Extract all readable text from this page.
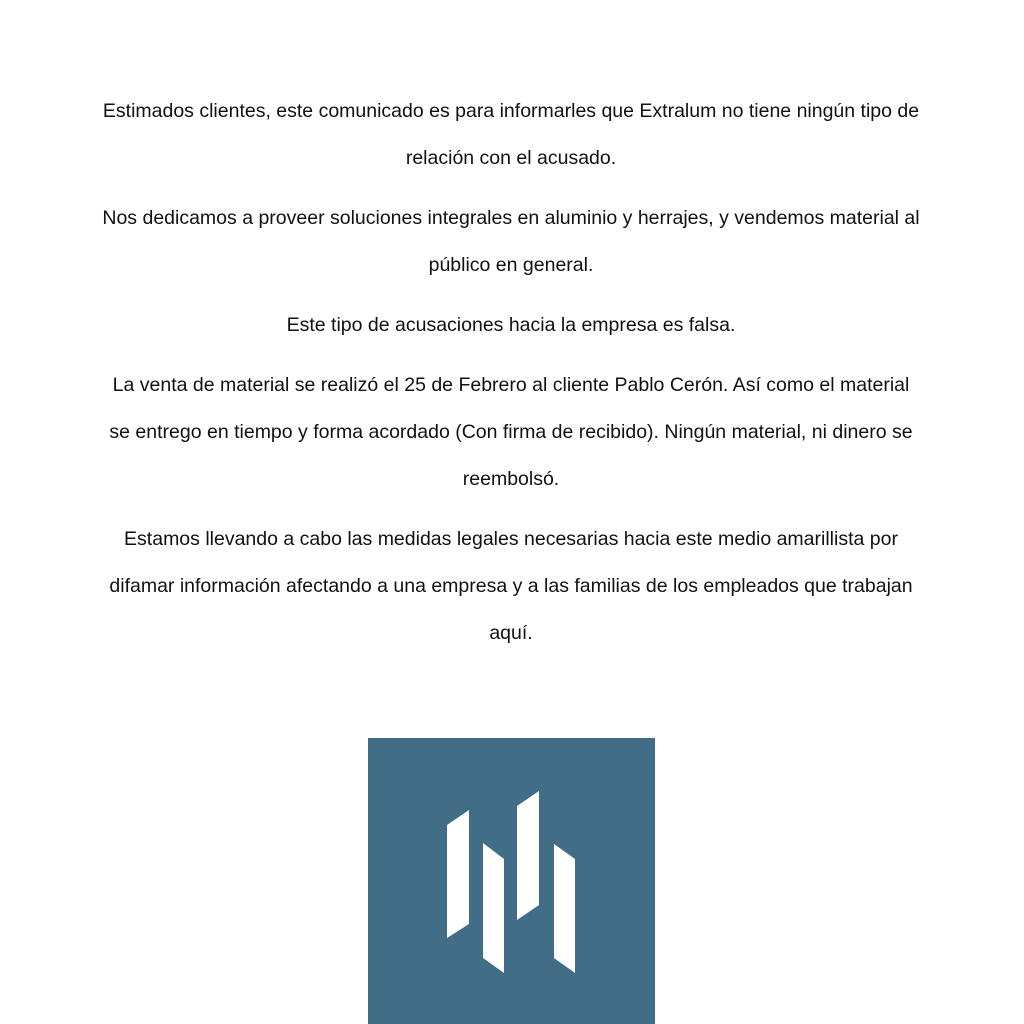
Estimados clientes, este comunicado es para informarles que Extralum no tiene ningún tipo de relación con el acusado.

Nos dedicamos a proveer soluciones integrales en aluminio y herrajes, y vendemos material al público en general.

Este tipo de acusaciones hacia la empresa es falsa.

La venta de material se realizó el 25 de Febrero al cliente Pablo Cerón. Así como el material se entrego en tiempo y forma acordado (Con firma de recibido). Ningún material, ni dinero se reembolsó.

Estamos llevando a cabo las medidas legales necesarias hacia este medio amarillista por difamar información afectando a una empresa y a las familias de los empleados que trabajan aquí.
